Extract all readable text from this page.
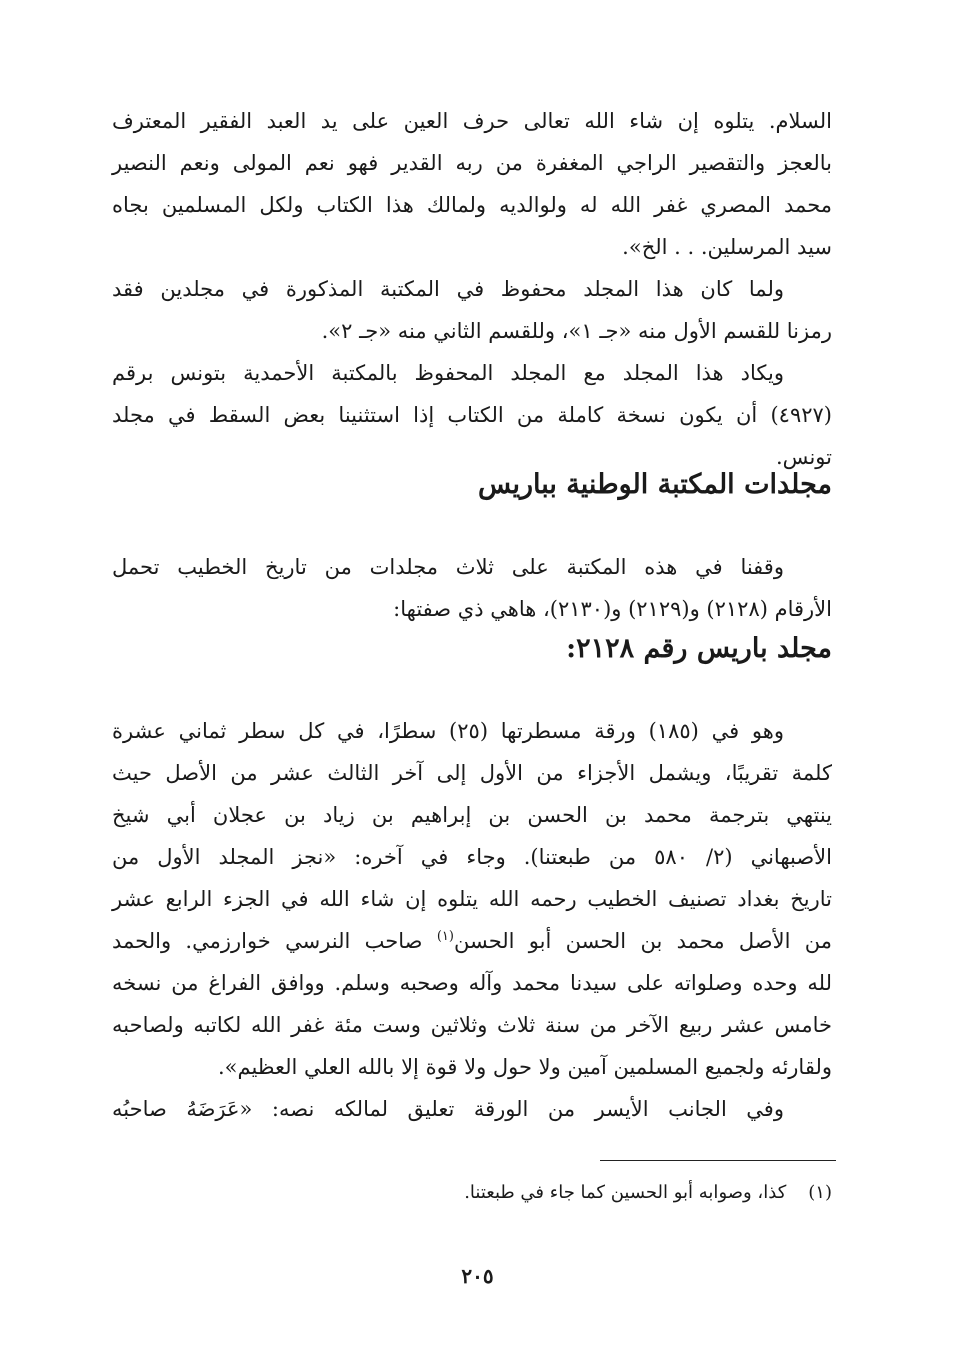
السلام. يتلوه إن شاء الله تعالى حرف العين على يد العبد الفقير المعترف
بالعجز والتقصير الراجي المغفرة من ربه القدير فهو نعم المولى ونعم النصير
محمد المصري غفر الله له ولوالديه ولمالك هذا الكتاب ولكل المسلمين بجاه
سيد المرسلين. . . الخ».
ولما كان هذا المجلد محفوظ في المكتبة المذكورة في مجلدين فقد
رمزنا للقسم الأول منه «جـ ١»، وللقسم الثاني منه «جـ ٢».
ويكاد هذا المجلد مع المجلد المحفوظ بالمكتبة الأحمدية بتونس برقم
(٤٩٢٧) أن يكون نسخة كاملة من الكتاب إذا استثنينا بعض السقط في مجلد
تونس.
مجلدات المكتبة الوطنية بباريس
وقفنا في هذه المكتبة على ثلاث مجلدات من تاريخ الخطيب تحمل
الأرقام (٢١٢٨) و(٢١٢٩) و(٢١٣٠)، هاهي ذي صفتها:
مجلد باريس رقم ٢١٢٨:
وهو في (١٨٥) ورقة مسطرتها (٢٥) سطرًا، في كل سطر ثماني عشرة
كلمة تقريبًا، ويشمل الأجزاء من الأول إلى آخر الثالث عشر من الأصل حيث
ينتهي بترجمة محمد بن الحسن بن إبراهيم بن زياد بن عجلان أبي شيخ
الأصبهاني (٢/ ٥٨٠ من طبعتنا). وجاء في آخره: «نجز المجلد الأول من
تاريخ بغداد تصنيف الخطيب رحمه الله يتلوه إن شاء الله في الجزء الرابع عشر
من الأصل محمد بن الحسن أبو الحسن$^{(١)}$ صاحب النرسي خوارزمي. والحمد
لله وحده وصلواته على سيدنا محمد وآله وصحبه وسلم. ووافق الفراغ من نسخه
خامس عشر ربيع الآخر من سنة ثلاث وثلاثين وست مئة غفر الله لكاتبه ولصاحبه
ولقارئه ولجميع المسلمين آمين ولا حول ولا قوة إلا بالله العلي العظيم».
وفي الجانب الأيسر من الورقة تعليق لمالكه نصه: «عَرَضَهُ صاحبُه
(١)كذا، وصوابه أبو الحسين كما جاء في طبعتنا.
٢٠٥
